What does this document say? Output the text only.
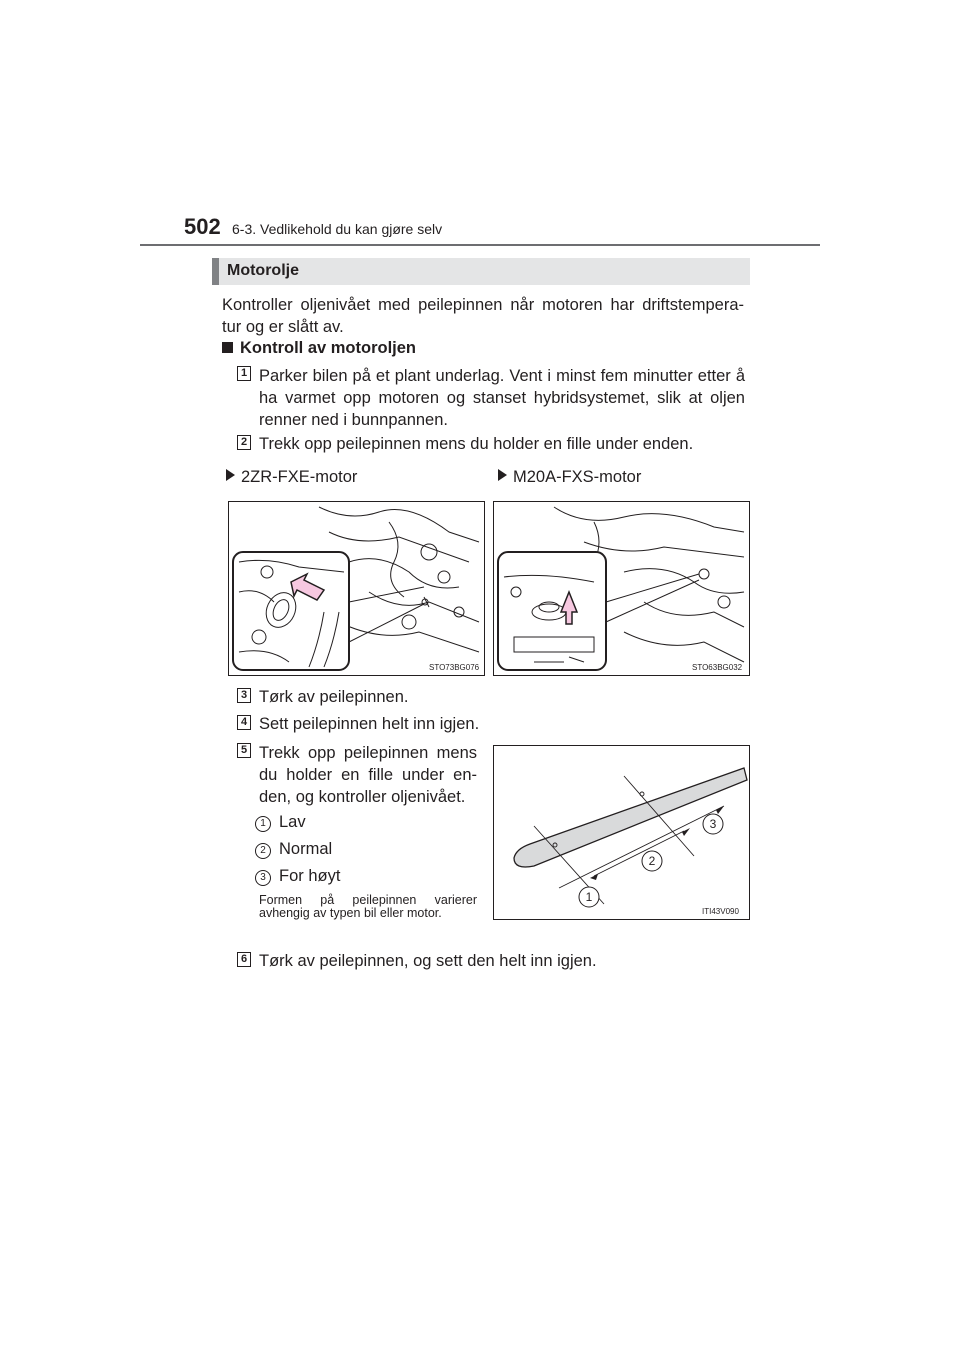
502 6-3. Vedlikehold du kan gjøre selv
Motorolje
Kontroller oljenivået med peilepinnen når motoren har driftstempera- tur og er slått av.
Kontroll av motoroljen
1 Parker bilen på et plant underlag. Vent i minst fem minutter etter å ha varmet opp motoren og stanset hybridsystemet, slik at oljen renner ned i bunnpannen.
2 Trekk opp peilepinnen mens du holder en fille under enden.
2ZR-FXE-motor	M20A-FXS-motor
STO73BG076	STO63BG032
3 Tørk av peilepinnen.
4 Sett peilepinnen helt inn igjen.
5 Trekk opp peilepinnen mens du holder en fille under en- den, og kontroller oljenivået.
1 Lav
2 Normal
3 For høyt
Formen på peilepinnen varierer avhengig av typen bil eller motor.
1
2
3
ITI43V090
6 Tørk av peilepinnen, og sett den helt inn igjen.
